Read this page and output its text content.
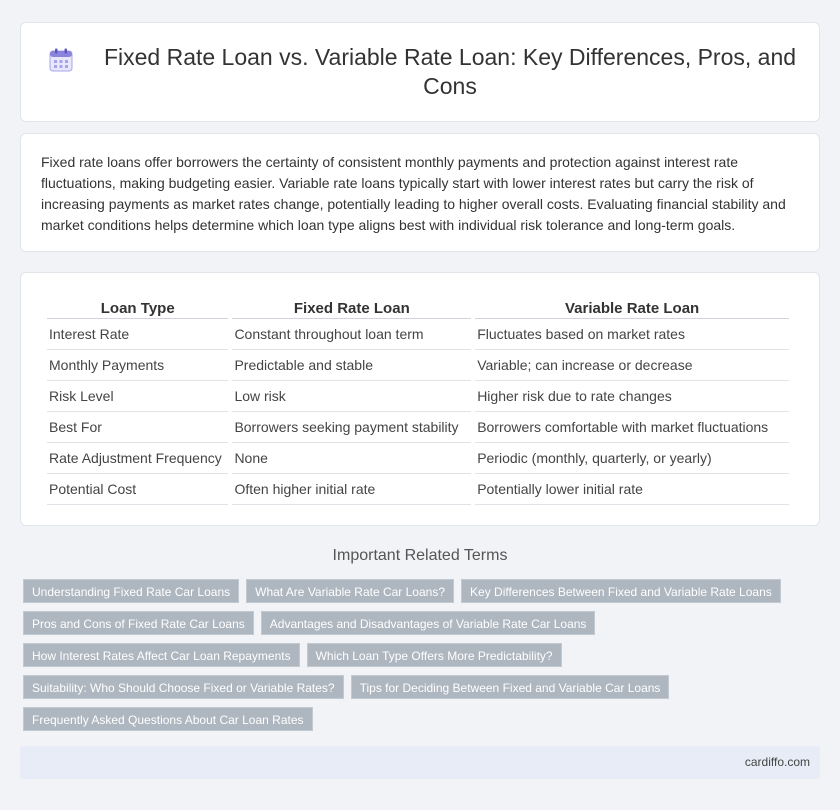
Fixed Rate Loan vs. Variable Rate Loan: Key Differences, Pros, and Cons

Fixed rate loans offer borrowers the certainty of consistent monthly payments and protection against interest rate fluctuations, making budgeting easier. Variable rate loans typically start with lower interest rates but carry the risk of increasing payments as market rates change, potentially leading to higher overall costs. Evaluating financial stability and market conditions helps determine which loan type aligns best with individual risk tolerance and long-term goals.

Loan Type	Fixed Rate Loan	Variable Rate Loan
Interest Rate	Constant throughout loan term	Fluctuates based on market rates
Monthly Payments	Predictable and stable	Variable; can increase or decrease
Risk Level	Low risk	Higher risk due to rate changes
Best For	Borrowers seeking payment stability	Borrowers comfortable with market fluctuations
Rate Adjustment Frequency	None	Periodic (monthly, quarterly, or yearly)
Potential Cost	Often higher initial rate	Potentially lower initial rate
Important Related Terms
Understanding Fixed Rate Car Loans	What Are Variable Rate Car Loans?	Key Differences Between Fixed and Variable Rate Loans
Pros and Cons of Fixed Rate Car Loans	Advantages and Disadvantages of Variable Rate Car Loans
How Interest Rates Affect Car Loan Repayments	Which Loan Type Offers More Predictability?
Suitability: Who Should Choose Fixed or Variable Rates?	Tips for Deciding Between Fixed and Variable Car Loans
Frequently Asked Questions About Car Loan Rates
cardiffo.com
